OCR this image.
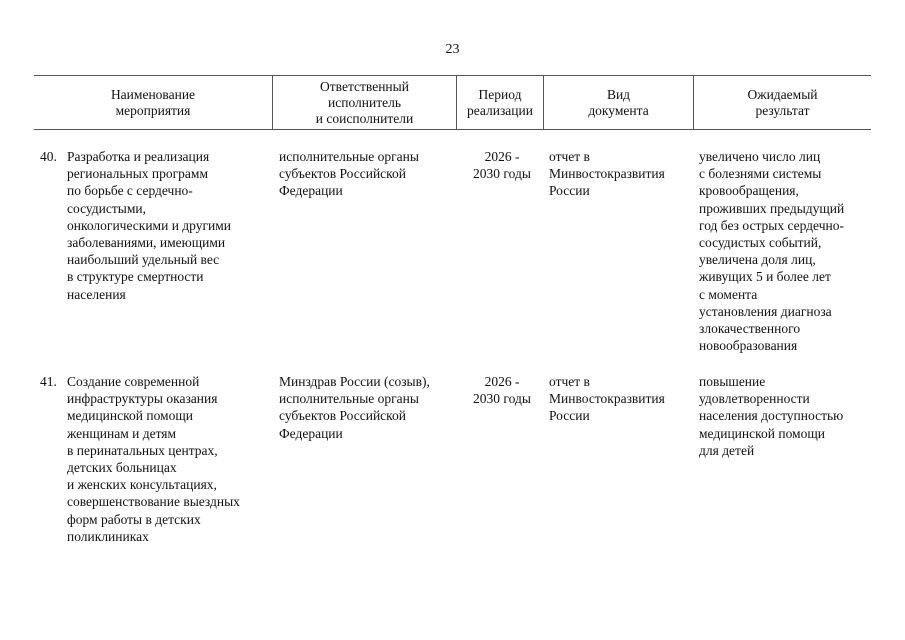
23
Наименование
мероприятия
Ответственный
исполнитель
и соисполнители
Период
реализации
Вид
документа
Ожидаемый
результат
40. Разработка и реализация
региональных программ
по борьбе с сердечно-
сосудистыми,
онкологическими и другими
заболеваниями, имеющими
наибольший удельный вес
в структуре смертности
населения
исполнительные органы
субъектов Российской
Федерации
2026 -
2030 годы
отчет в
Минвостокразвития
России
увеличено число лиц
с болезнями системы
кровообращения,
проживших предыдущий
год без острых сердечно-
сосудистых событий,
увеличена доля лиц,
живущих 5 и более лет
с момента
установления диагноза
злокачественного
новообразования
41. Создание современной
инфраструктуры оказания
медицинской помощи
женщинам и детям
в перинатальных центрах,
детских больницах
и женских консультациях,
совершенствование выездных
форм работы в детских
поликлиниках
Минздрав России (созыв),
исполнительные органы
субъектов Российской
Федерации
2026 -
2030 годы
отчет в
Минвостокразвития
России
повышение
удовлетворенности
населения доступностью
медицинской помощи
для детей
